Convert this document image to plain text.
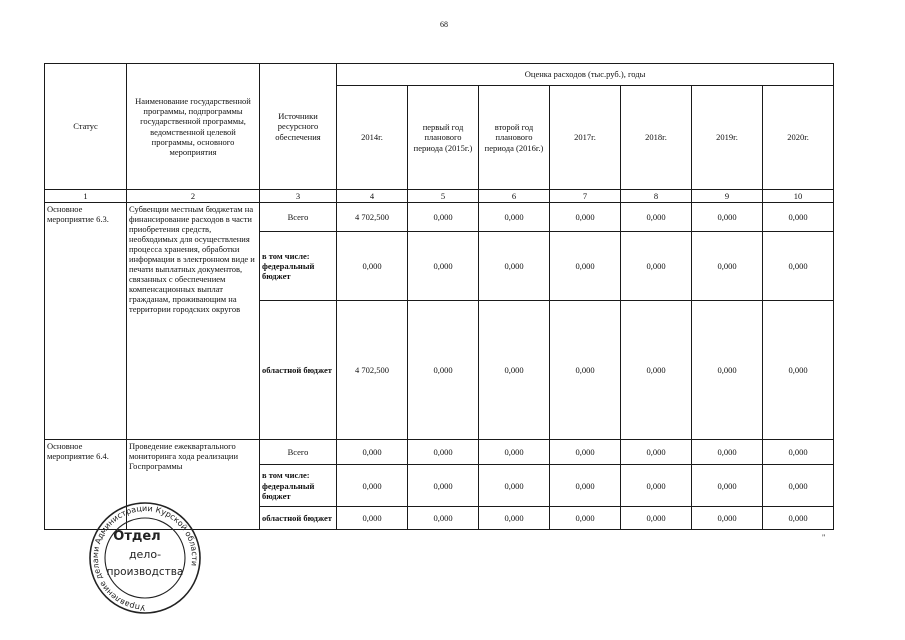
68
Статус	Наименование государственной программы, подпрограммы государственной программы, ведомственной целевой программы, основного мероприятия	Источники ресурсного обеспечения	Оценка расходов (тыс.руб.), годы						
			2014г.	первый год планового периода (2015г.)	второй год планового периода (2016г.)	2017г.	2018г.	2019г.	2020г.
1	2	3	4	5	6	7	8	9	10
Основное мероприятие 6.3.	Субвенции местным бюджетам на финансирование расходов в части приобретения средств, необходимых для осуществления процесса хранения, обработки информации в электронном виде и печати выплатных документов, связанных с обеспечением компенсационных выплат гражданам, проживающим на территории городских округов	Всего	4 702,500	0,000	0,000	0,000	0,000	0,000	0,000
		в том числе: федеральный бюджет	0,000	0,000	0,000	0,000	0,000	0,000	0,000
		областной бюджет	4 702,500	0,000	0,000	0,000	0,000	0,000	0,000
Основное мероприятие 6.4.	Проведение ежеквартального мониторинга хода реализации Госпрограммы	Всего	0,000	0,000	0,000	0,000	0,000	0,000	0,000
		в том числе: федеральный бюджет	0,000	0,000	0,000	0,000	0,000	0,000	0,000
		областной бюджет	0,000	0,000	0,000	0,000	0,000	0,000	0,000
Управление делами Администрации Курской области
Отдел
дело-
производства
"
